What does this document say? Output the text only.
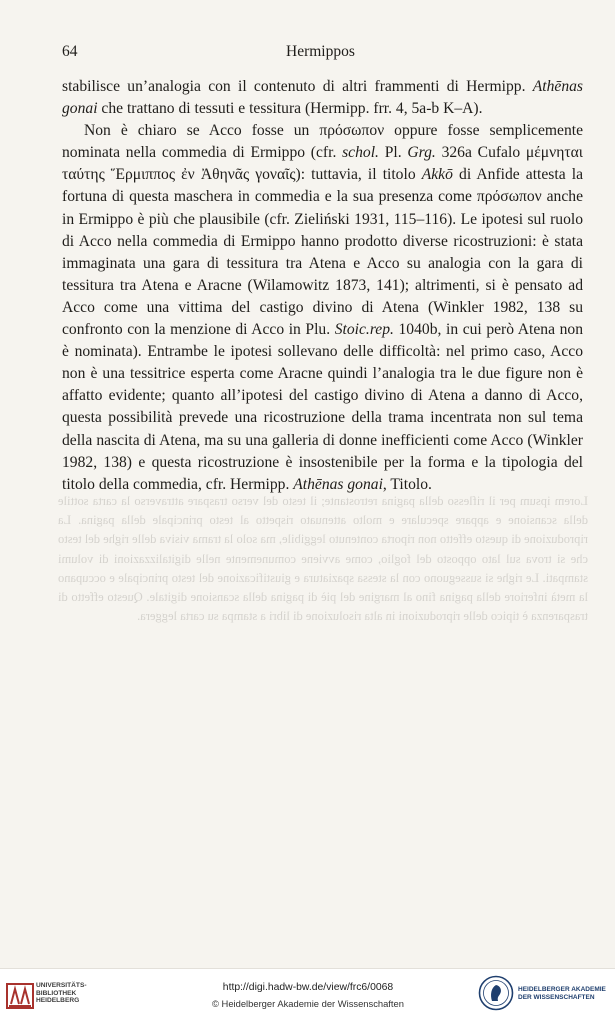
64	Hermippos

stabilisce un’analogia con il contenuto di altri frammenti di Hermipp. Athēnas gonai che trattano di tessuti e tessitura (Hermipp. frr. 4, 5a-b K–A).

Non è chiaro se Acco fosse un πρόσωπον oppure fosse semplicemente nominata nella commedia di Ermippo (cfr. schol. Pl. Grg. 326a Cufalo μέμνηται ταύτης Ἕρμιππος ἐν Ἀθηνᾶς γοναῖς): tuttavia, il titolo Akkō di Anfide attesta la fortuna di questa maschera in commedia e la sua presenza come πρόσωπον anche in Ermippo è più che plausibile (cfr. Zieliński 1931, 115–116). Le ipotesi sul ruolo di Acco nella commedia di Ermippo hanno prodotto diverse ricostruzioni: è stata immaginata una gara di tessitura tra Atena e Acco su analogia con la gara di tessitura tra Atena e Aracne (Wilamowitz 1873, 141); altrimenti, si è pensato ad Acco come una vittima del castigo divino di Atena (Winkler 1982, 138 su confronto con la menzione di Acco in Plu. Stoic.rep. 1040b, in cui però Atena non è nominata). Entrambe le ipotesi sollevano delle difficoltà: nel primo caso, Acco non è una tessitrice esperta come Aracne quindi l’analogia tra le due figure non è affatto evidente; quanto all’ipotesi del castigo divino di Atena a danno di Acco, questa possibilità prevede una ricostruzione della trama incentrata non sul tema della nascita di Atena, ma su una galleria di donne inefficienti come Acco (Winkler 1982, 138) e questa ricostruzione è insostenibile per la forma e la tipologia del titolo della commedia, cfr. Hermipp. Athēnas gonai, Titolo.

Lorem ipsum per il riflesso della pagina retrostante; il testo del verso traspare attraverso la carta sottile della scansione e appare speculare e molto attenuato rispetto al testo principale della pagina. La riproduzione di questo effetto non riporta contenuto leggibile, ma solo la trama visiva delle righe del testo che si trova sul lato opposto del foglio, come avviene comunemente nelle digitalizzazioni di volumi stampati. Le righe si susseguono con la stessa spaziatura e giustificazione del testo principale e occupano la metà inferiore della pagina fino al margine del piè di pagina della scansione digitale. Questo effetto di trasparenza è tipico delle riproduzioni in alta risoluzione di libri a stampa su carta leggera.
UNIVERSITÄTS-
BIBLIOTHEK
HEIDELBERG
http://digi.hadw-bw.de/view/frc6/0068
© Heidelberger Akademie der Wissenschaften
HEIDELBERGER AKADEMIE
DER WISSENSCHAFTEN
